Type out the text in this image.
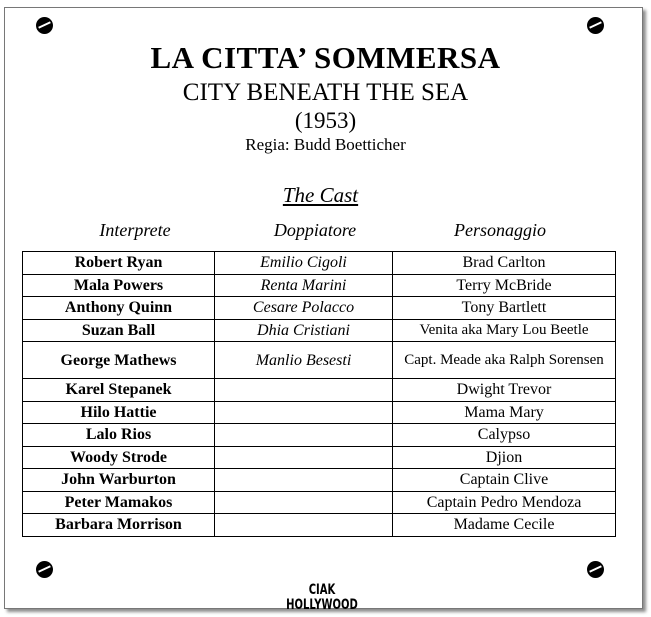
LA CITTA’ SOMMERSA
CITY BENEATH THE SEA
(1953)
Regia: Budd Boetticher
The Cast
Interprete	Doppiatore	Personaggio
Robert Ryan	Emilio Cigoli	Brad Carlton
Mala Powers	Renta Marini	Terry McBride
Anthony Quinn	Cesare Polacco	Tony Bartlett
Suzan Ball	Dhia Cristiani	Venita aka Mary Lou Beetle
George Mathews	Manlio Besesti	Capt. Meade aka Ralph Sorensen
Karel Stepanek		Dwight Trevor
Hilo Hattie		Mama Mary
Lalo Rios		Calypso
Woody Strode		Djion
John Warburton		Captain Clive
Peter Mamakos		Captain Pedro Mendoza
Barbara Morrison		Madame Cecile
CIAK HOLLYWOOD
